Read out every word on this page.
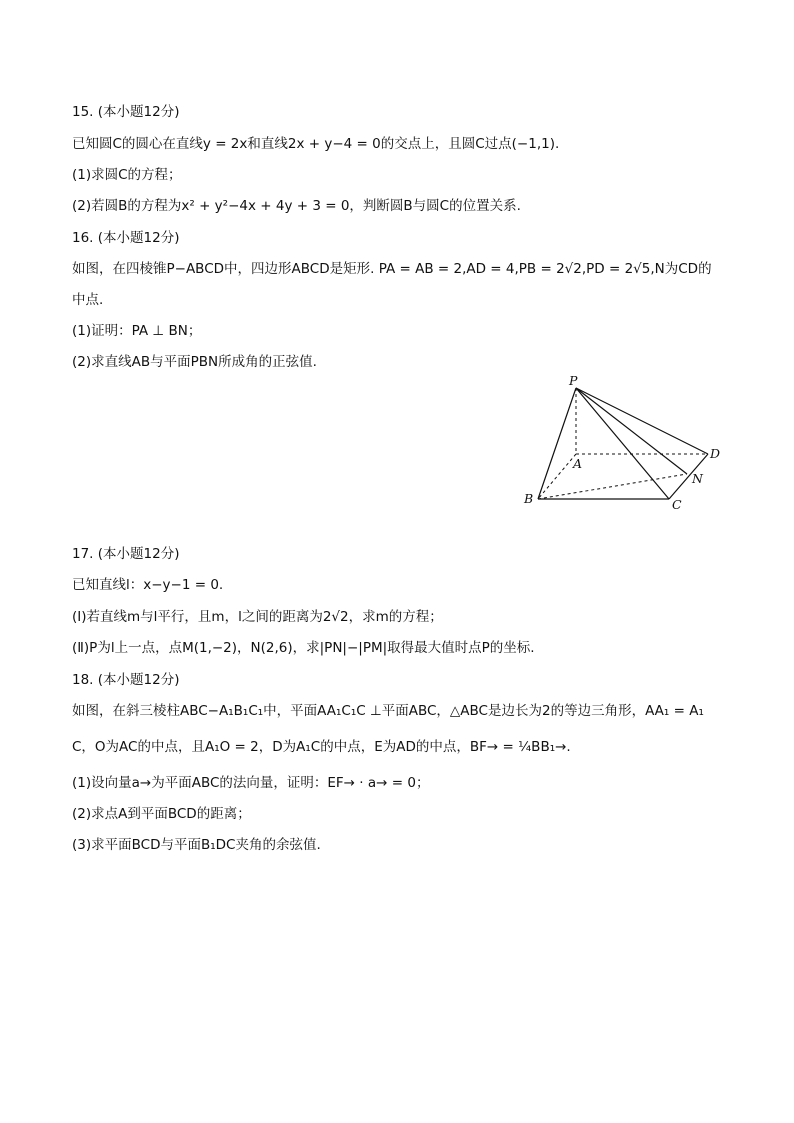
15. (本小题12分)
已知圆C的圆心在直线y = 2x和直线2x + y−4 = 0的交点上，且圆C过点(−1,1).
(1)求圆C的方程；
(2)若圆B的方程为x² + y²−4x + 4y + 3 = 0，判断圆B与圆C的位置关系.
16. (本小题12分)
如图，在四棱锥P−ABCD中，四边形ABCD是矩形. PA = AB = 2,AD = 4,PB = 2√2,PD = 2√5,N为CD的
中点.
(1)证明：PA ⊥ BN；
(2)求直线AB与平面PBN所成角的正弦值.
P
A
B	C
D
N
17. (本小题12分)
已知直线l：x−y−1 = 0.
(Ⅰ)若直线m与l平行，且m，l之间的距离为2√2，求m的方程；
(Ⅱ)P为l上一点，点M(1,−2)，N(2,6)，求|PN|−|PM|取得最大值时点P的坐标.
18. (本小题12分)
如图，在斜三棱柱ABC−A₁B₁C₁中，平面AA₁C₁C ⊥平面ABC，△ABC是边长为2的等边三角形，AA₁ = A₁
C，O为AC的中点，且A₁O = 2，D为A₁C的中点，E为AD的中点，BF→ = ¼BB₁→.
(1)设向量a→为平面ABC的法向量，证明：EF→ · a→ = 0；
(2)求点A到平面BCD的距离；
(3)求平面BCD与平面B₁DC夹角的余弦值.
